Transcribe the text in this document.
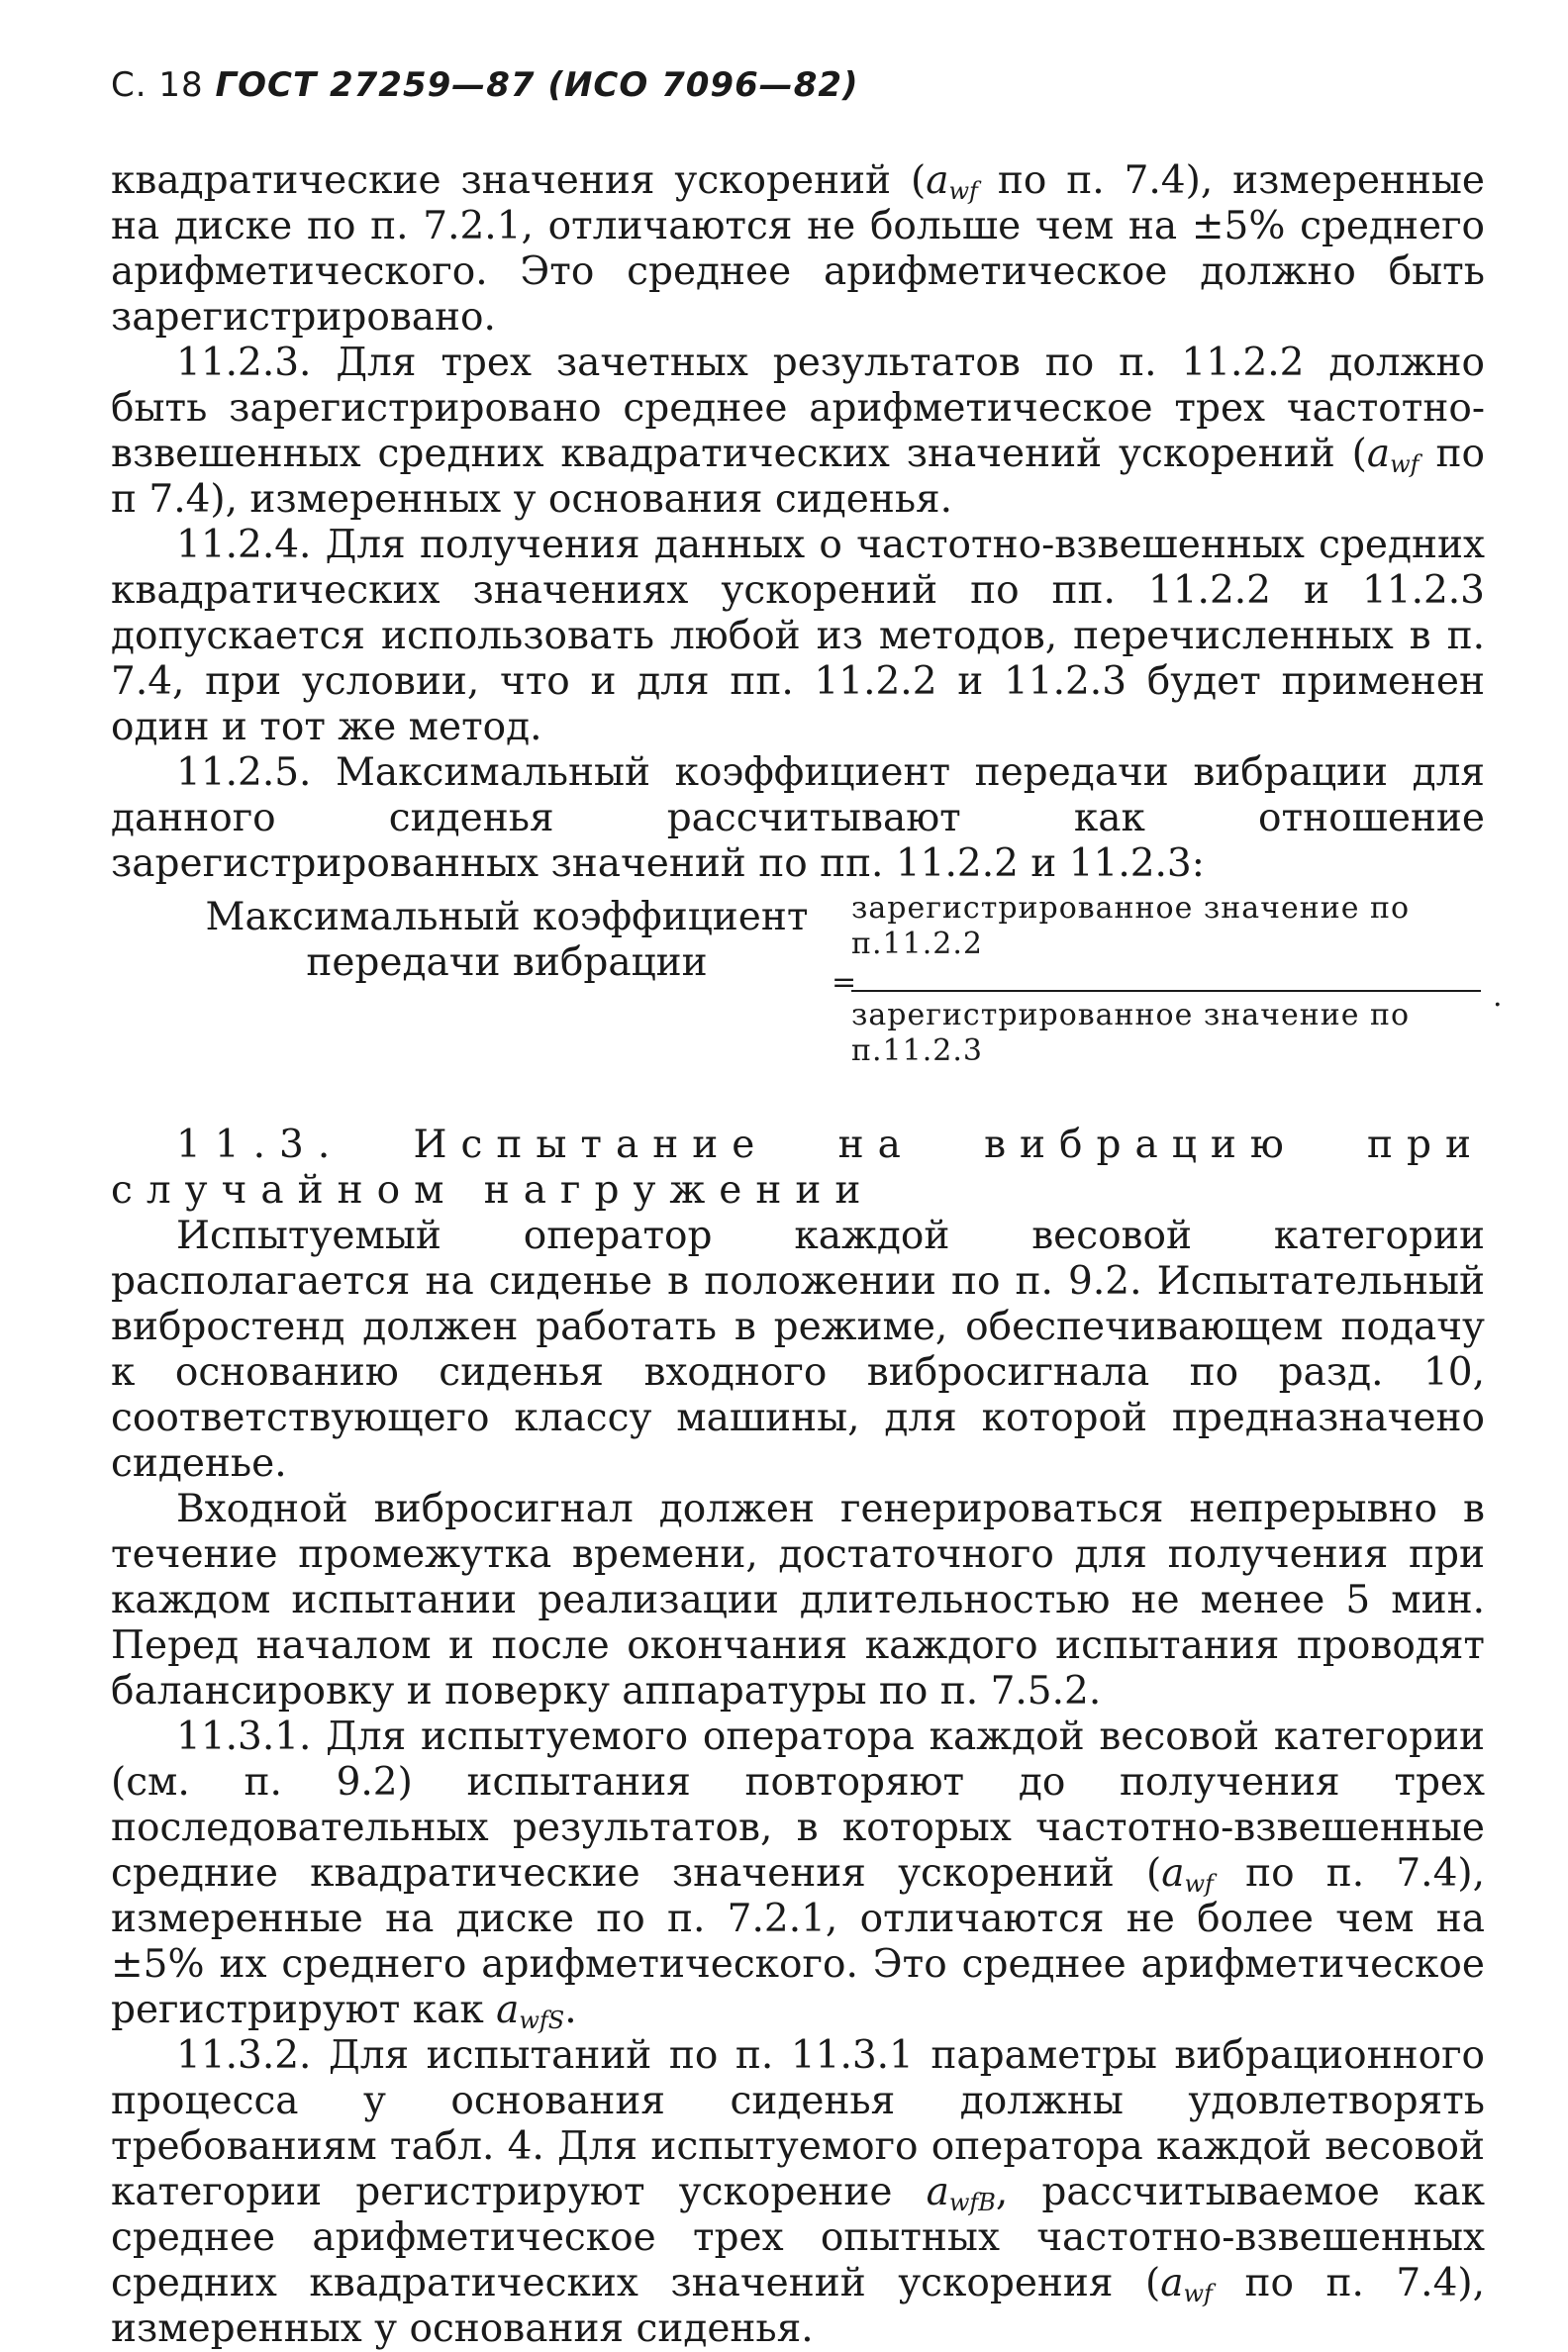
С. 18 ГОСТ 27259—87 (ИСО 7096—82)

квадратические значения ускорений ($a_{wf}$ по п. 7.4), измеренные на диске по п. 7.2.1, отличаются не больше чем на ±5% среднего арифметического. Это среднее арифметическое должно быть зарегистрировано.

11.2.3. Для трех зачетных результатов по п. 11.2.2 должно быть зарегистрировано среднее арифметическое трех частотно-взвешенных средних квадратических значений ускорений ($a_{wf}$ по п 7.4), измеренных у основания сиденья.

11.2.4. Для получения данных о частотно-взвешенных средних квадратических значениях ускорений по пп. 11.2.2 и 11.2.3 допускается использовать любой из методов, перечисленных в п. 7.4, при условии, что и для пп. 11.2.2 и 11.2.3 будет применен один и тот же метод.

11.2.5. Максимальный коэффициент передачи вибрации для данного сиденья рассчитывают как отношение зарегистрированных значений по пп. 11.2.2 и 11.2.3:

Максимальный коэффициент передачи вибрации	=
зарегистрированное значение по п.11.2.2
зарегистрированное значение по п.11.2.3
.

11.3. Испытание на вибрацию при случайном нагружении

Испытуемый оператор каждой весовой категории располагается на сиденье в положении по п. 9.2. Испытательный вибростенд должен работать в режиме, обеспечивающем подачу к основанию сиденья входного вибросигнала по разд. 10, соответствующего классу машины, для которой предназначено сиденье.

Входной вибросигнал должен генерироваться непрерывно в течение промежутка времени, достаточного для получения при каждом испытании реализации длительностью не менее 5 мин. Перед началом и после окончания каждого испытания проводят балансировку и поверку аппаратуры по п. 7.5.2.

11.3.1. Для испытуемого оператора каждой весовой категории (см. п. 9.2) испытания повторяют до получения трех последовательных результатов, в которых частотно-взвешенные средние квадратические значения ускорений ($a_{wf}$ по п. 7.4), измеренные на диске по п. 7.2.1, отличаются не более чем на ±5% их среднего арифметического. Это среднее арифметическое регистрируют как $a_{wfS}$.

11.3.2. Для испытаний по п. 11.3.1 параметры вибрационного процесса у основания сиденья должны удовлетворять требованиям табл. 4. Для испытуемого оператора каждой весовой категории регистрируют ускорение $a_{wfB}$, рассчитываемое как среднее арифметическое трех опытных частотно-взвешенных средних квадратических значений ускорения ($a_{wf}$ по п. 7.4), измеренных у основания сиденья.
